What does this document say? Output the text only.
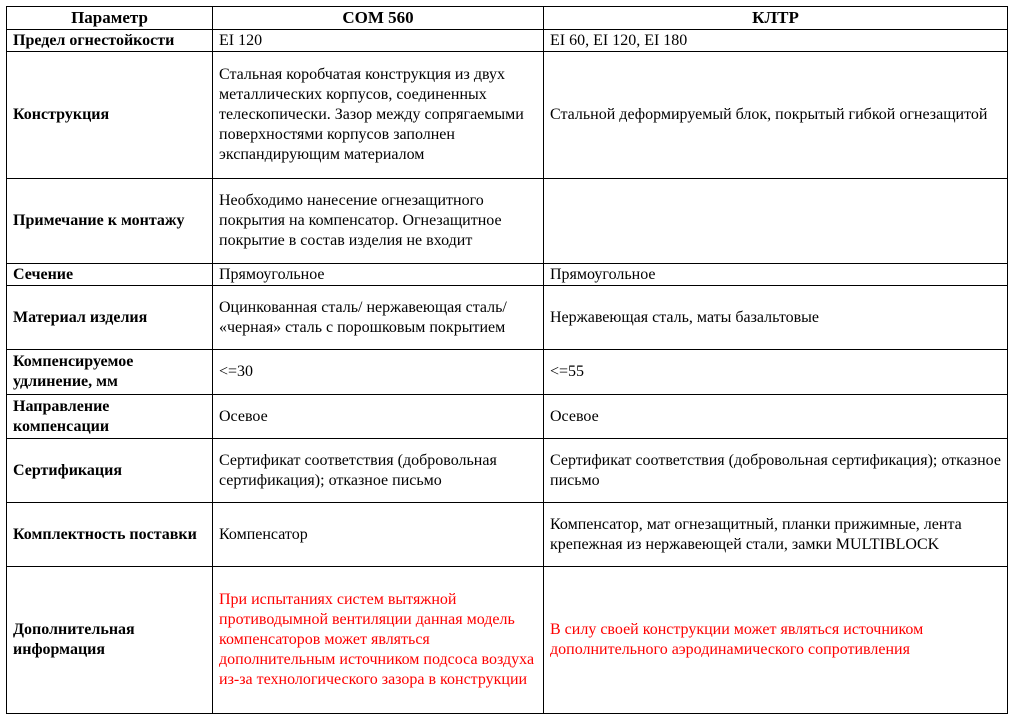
Параметр	COM 560	КЛТР
Предел огнестойкости	EI 120	EI 60, EI 120, EI 180
Конструкция	Стальная коробчатая конструкция из двух металлических корпусов, соединенных телескопически. Зазор между сопрягаемыми поверхностями корпусов заполнен экспандирующим материалом	Стальной деформируемый блок, покрытый гибкой огнезащитой
Примечание к монтажу	Необходимо нанесение огнезащитного покрытия на компенсатор. Огнезащитное покрытие в состав изделия не входит	
Сечение	Прямоугольное	Прямоугольное
Материал изделия	Оцинкованная сталь/ нержавеющая сталь/ «черная» сталь с порошковым покрытием	Нержавеющая сталь, маты базальтовые
Компенсируемое удлинение, мм	<=30	<=55
Направление компенсации	Осевое	Осевое
Сертификация	Сертификат соответствия (добровольная сертификация); отказное письмо	Сертификат соответствия (добровольная сертификация); отказное письмо
Комплектность поставки	Компенсатор	Компенсатор, мат огнезащитный, планки прижимные, лента крепежная из нержавеющей стали, замки MULTIBLOCK
Дополнительная информация	При испытаниях систем вытяжной противодымной вентиляции данная модель компенсаторов может являться дополнительным источником подсоса воздуха из-за технологического зазора в конструкции	В силу своей конструкции может являться источником дополнительного аэродинамического сопротивления
